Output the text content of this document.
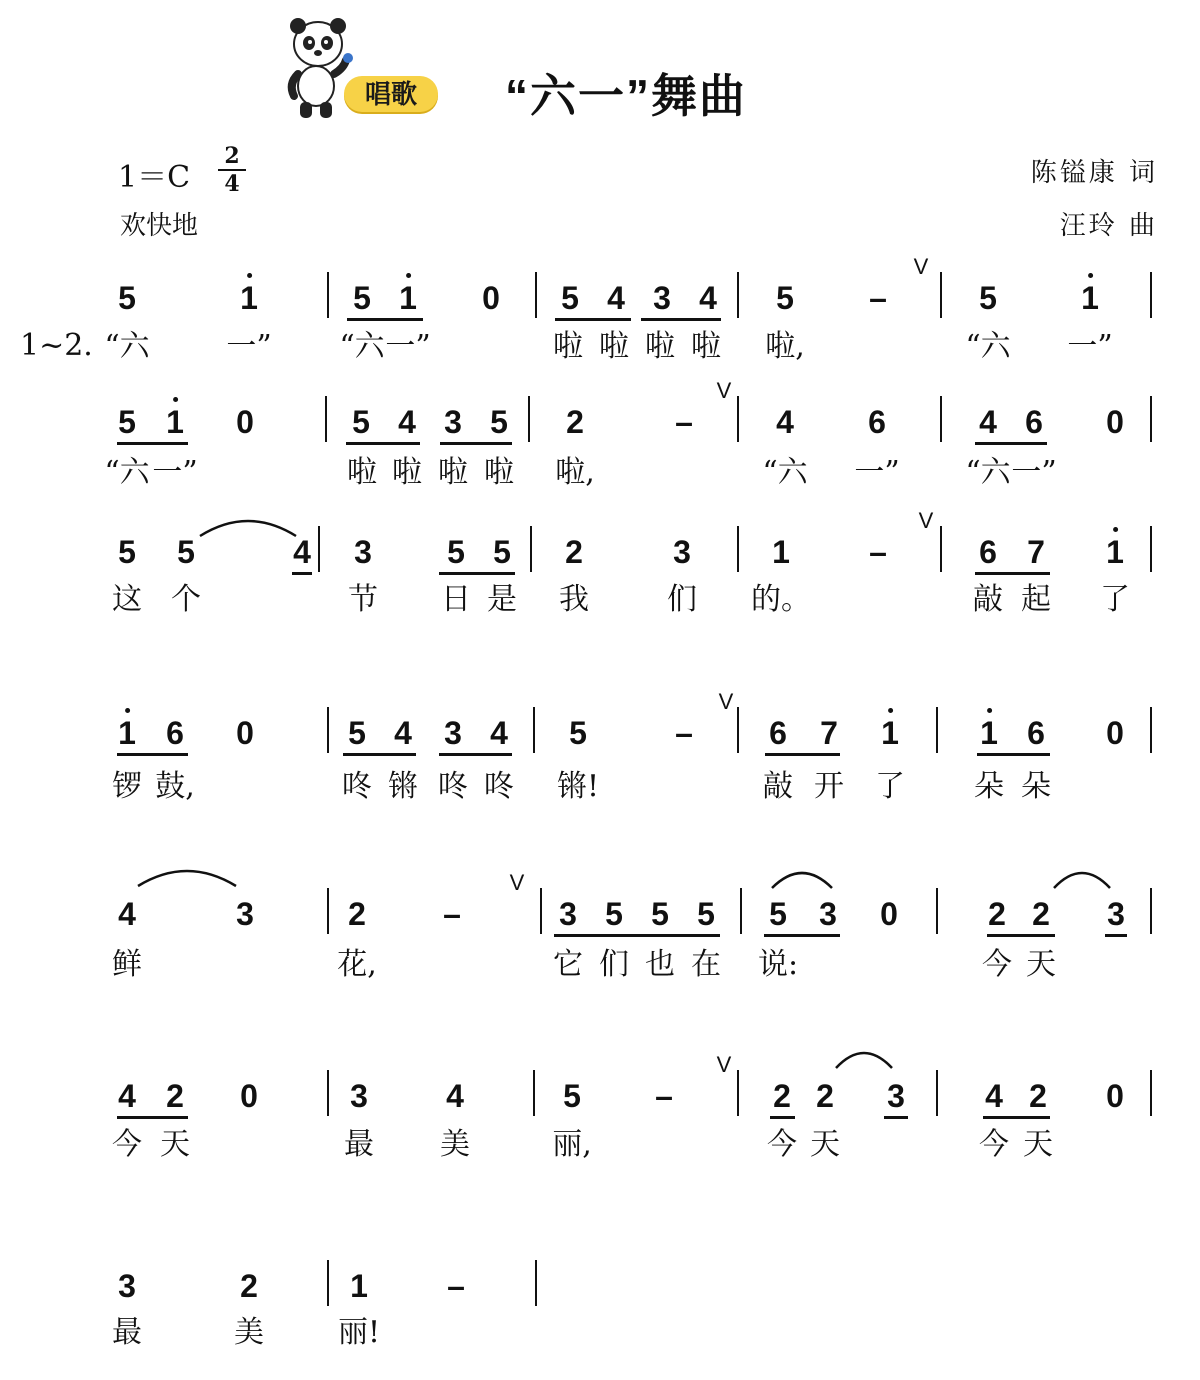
唱歌	“六一”舞曲
1＝C
2
4
欢快地
陈镒康 词
汪玲 曲
1~2.
5	1	5 1 0 5 4 3 4 5 –	5	1
V
“六	一” “六 一”	啦 啦 啦 啦 啦,	“六 一”
5 1 0	5 4 3 5 2	–	4 6	4 6 0
V
“六 一”	啦 啦 啦 啦 啦,	“六 一” “六 一”
5 5	4 3 5 5 2	3	1 –	6 7 1
V
这 个	节 日 是 我	们 的。	敲 起 了
1 6 0	5 4 3 4 5	– 6 7 1	1 6 0
V
锣 鼓,	咚 锵 咚 咚 锵!	敲 开 了 朵 朵
4	3	2 –	3 5 5 5 5 3 0	2 2 3
V
鲜	花,	它 们 也 在 说:	今 天
4 2 0	3 4	5 –	2 2 3	4 2 0
V
今 天	最 美	丽,	今 天	今 天
3	2	1 –
最	美 丽!
